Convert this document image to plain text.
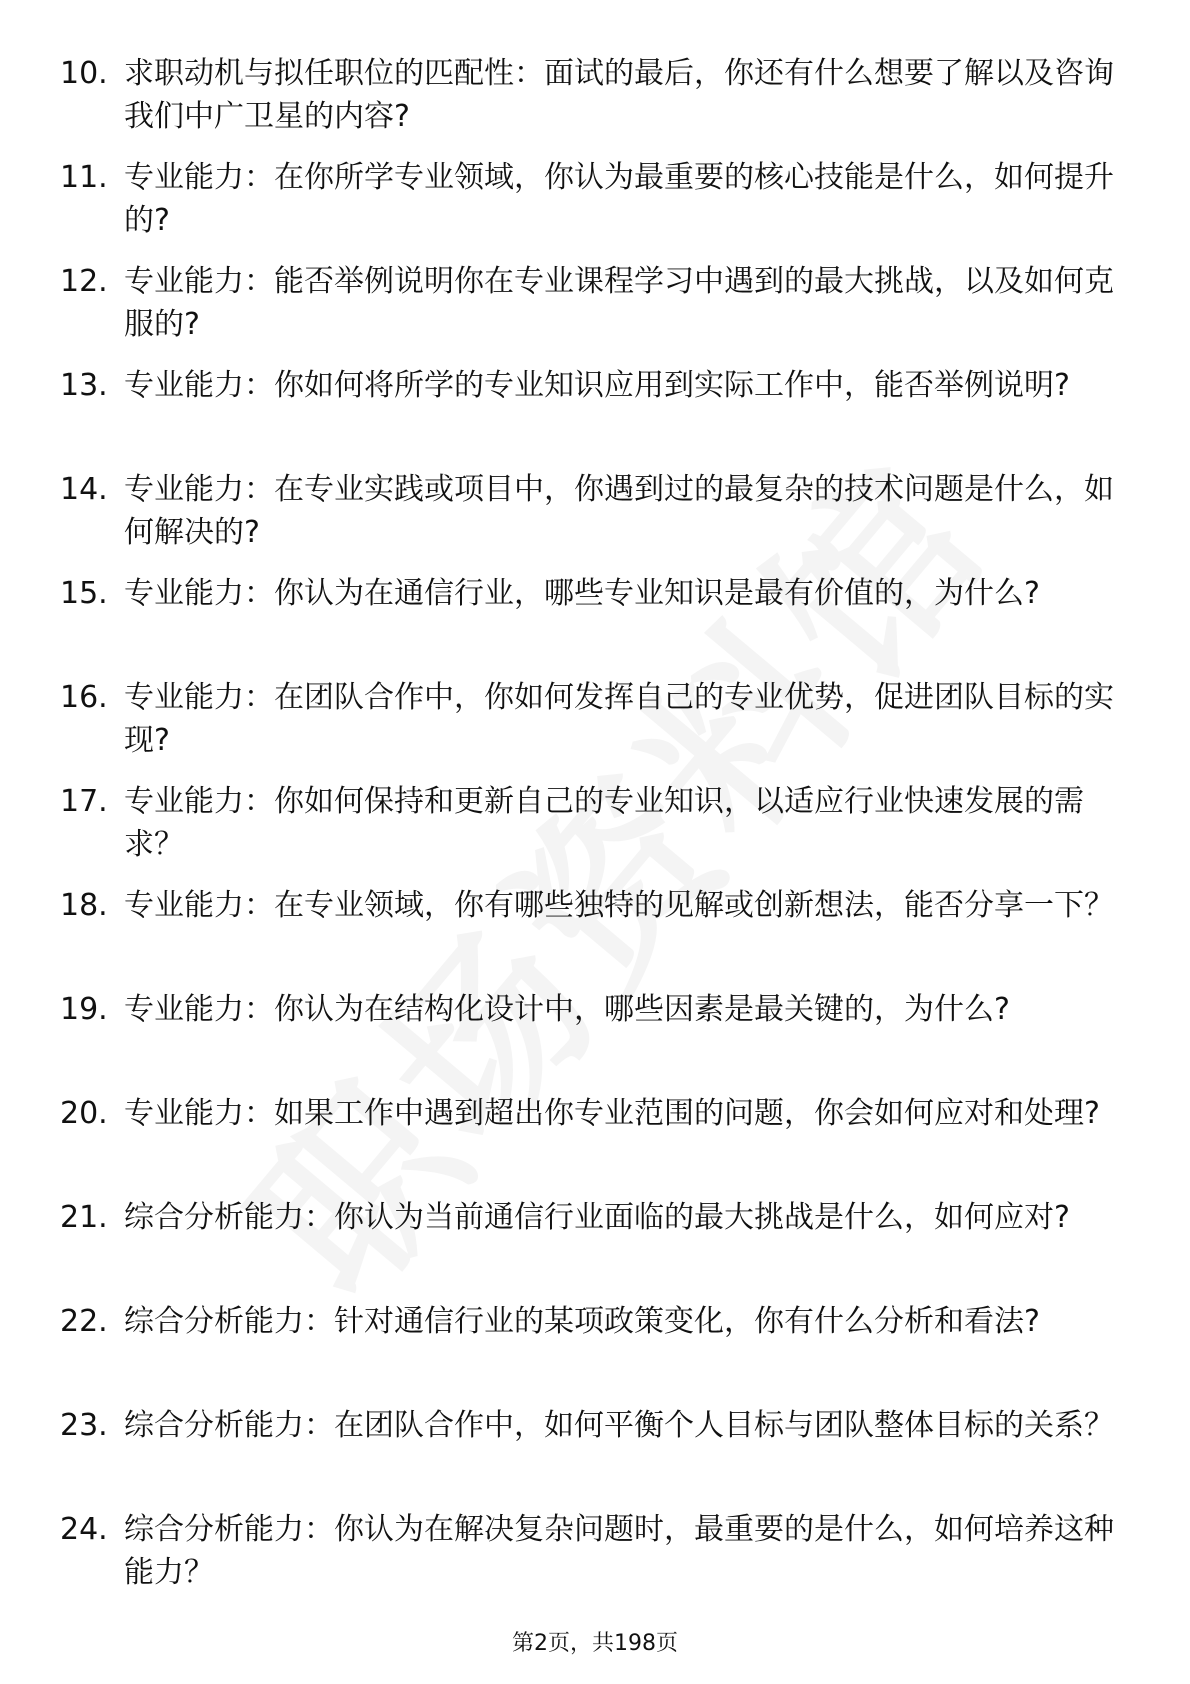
10. 求职动机与拟任职位的匹配性：面试的最后，你还有什么想要了解以及咨询我们中广卫星的内容?
11. 专业能力：在你所学专业领域，你认为最重要的核心技能是什么，如何提升的?
12. 专业能力：能否举例说明你在专业课程学习中遇到的最大挑战，以及如何克服的?
13. 专业能力：你如何将所学的专业知识应用到实际工作中，能否举例说明?
14. 专业能力：在专业实践或项目中，你遇到过的最复杂的技术问题是什么，如何解决的?
15. 专业能力：你认为在通信行业，哪些专业知识是最有价值的，为什么?
16. 专业能力：在团队合作中，你如何发挥自己的专业优势，促进团队目标的实现?
17. 专业能力：你如何保持和更新自己的专业知识，以适应行业快速发展的需求？
18. 专业能力：在专业领域，你有哪些独特的见解或创新想法，能否分享一下？
19. 专业能力：你认为在结构化设计中，哪些因素是最关键的，为什么?
20. 专业能力：如果工作中遇到超出你专业范围的问题，你会如何应对和处理?
21. 综合分析能力：你认为当前通信行业面临的最大挑战是什么，如何应对?
22. 综合分析能力：针对通信行业的某项政策变化，你有什么分析和看法?
23. 综合分析能力：在团队合作中，如何平衡个人目标与团队整体目标的关系？
24. 综合分析能力：你认为在解决复杂问题时，最重要的是什么，如何培养这种能力？
第2页，共198页
